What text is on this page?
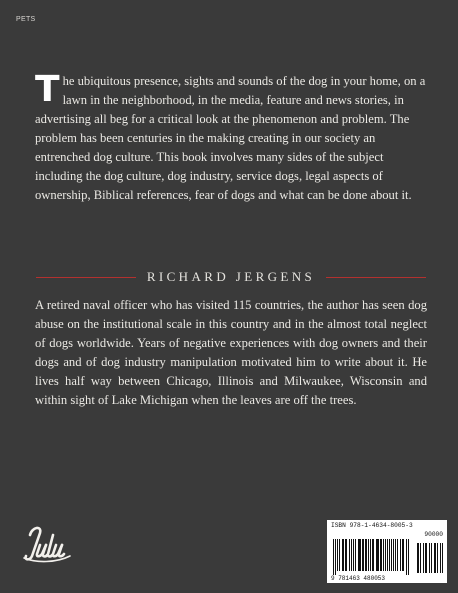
PETS

The ubiquitous presence, sights and sounds of the dog in your home, on a lawn in the neighborhood, in the media, feature and news stories, in advertising all beg for a critical look at the phenomenon and problem. The problem has been centuries in the making creating in our society an entrenched dog culture. This book involves many sides of the subject including the dog culture, dog industry, service dogs, legal aspects of ownership, Biblical references, fear of dogs and what can be done about it.

RICHARD JERGENS

A retired naval officer who has visited 115 countries, the author has seen dog abuse on the institutional scale in this country and in the almost total neglect of dogs worldwide. Years of negative experiences with dog owners and their dogs and of dog industry manipulation motivated him to write about it. He lives half way between Chicago, Illinois and Milwaukee, Wisconsin and within sight of Lake Michigan when the leaves are off the trees.

ISBN 978-1-4634-8005-3
90000
9 781463 480053
